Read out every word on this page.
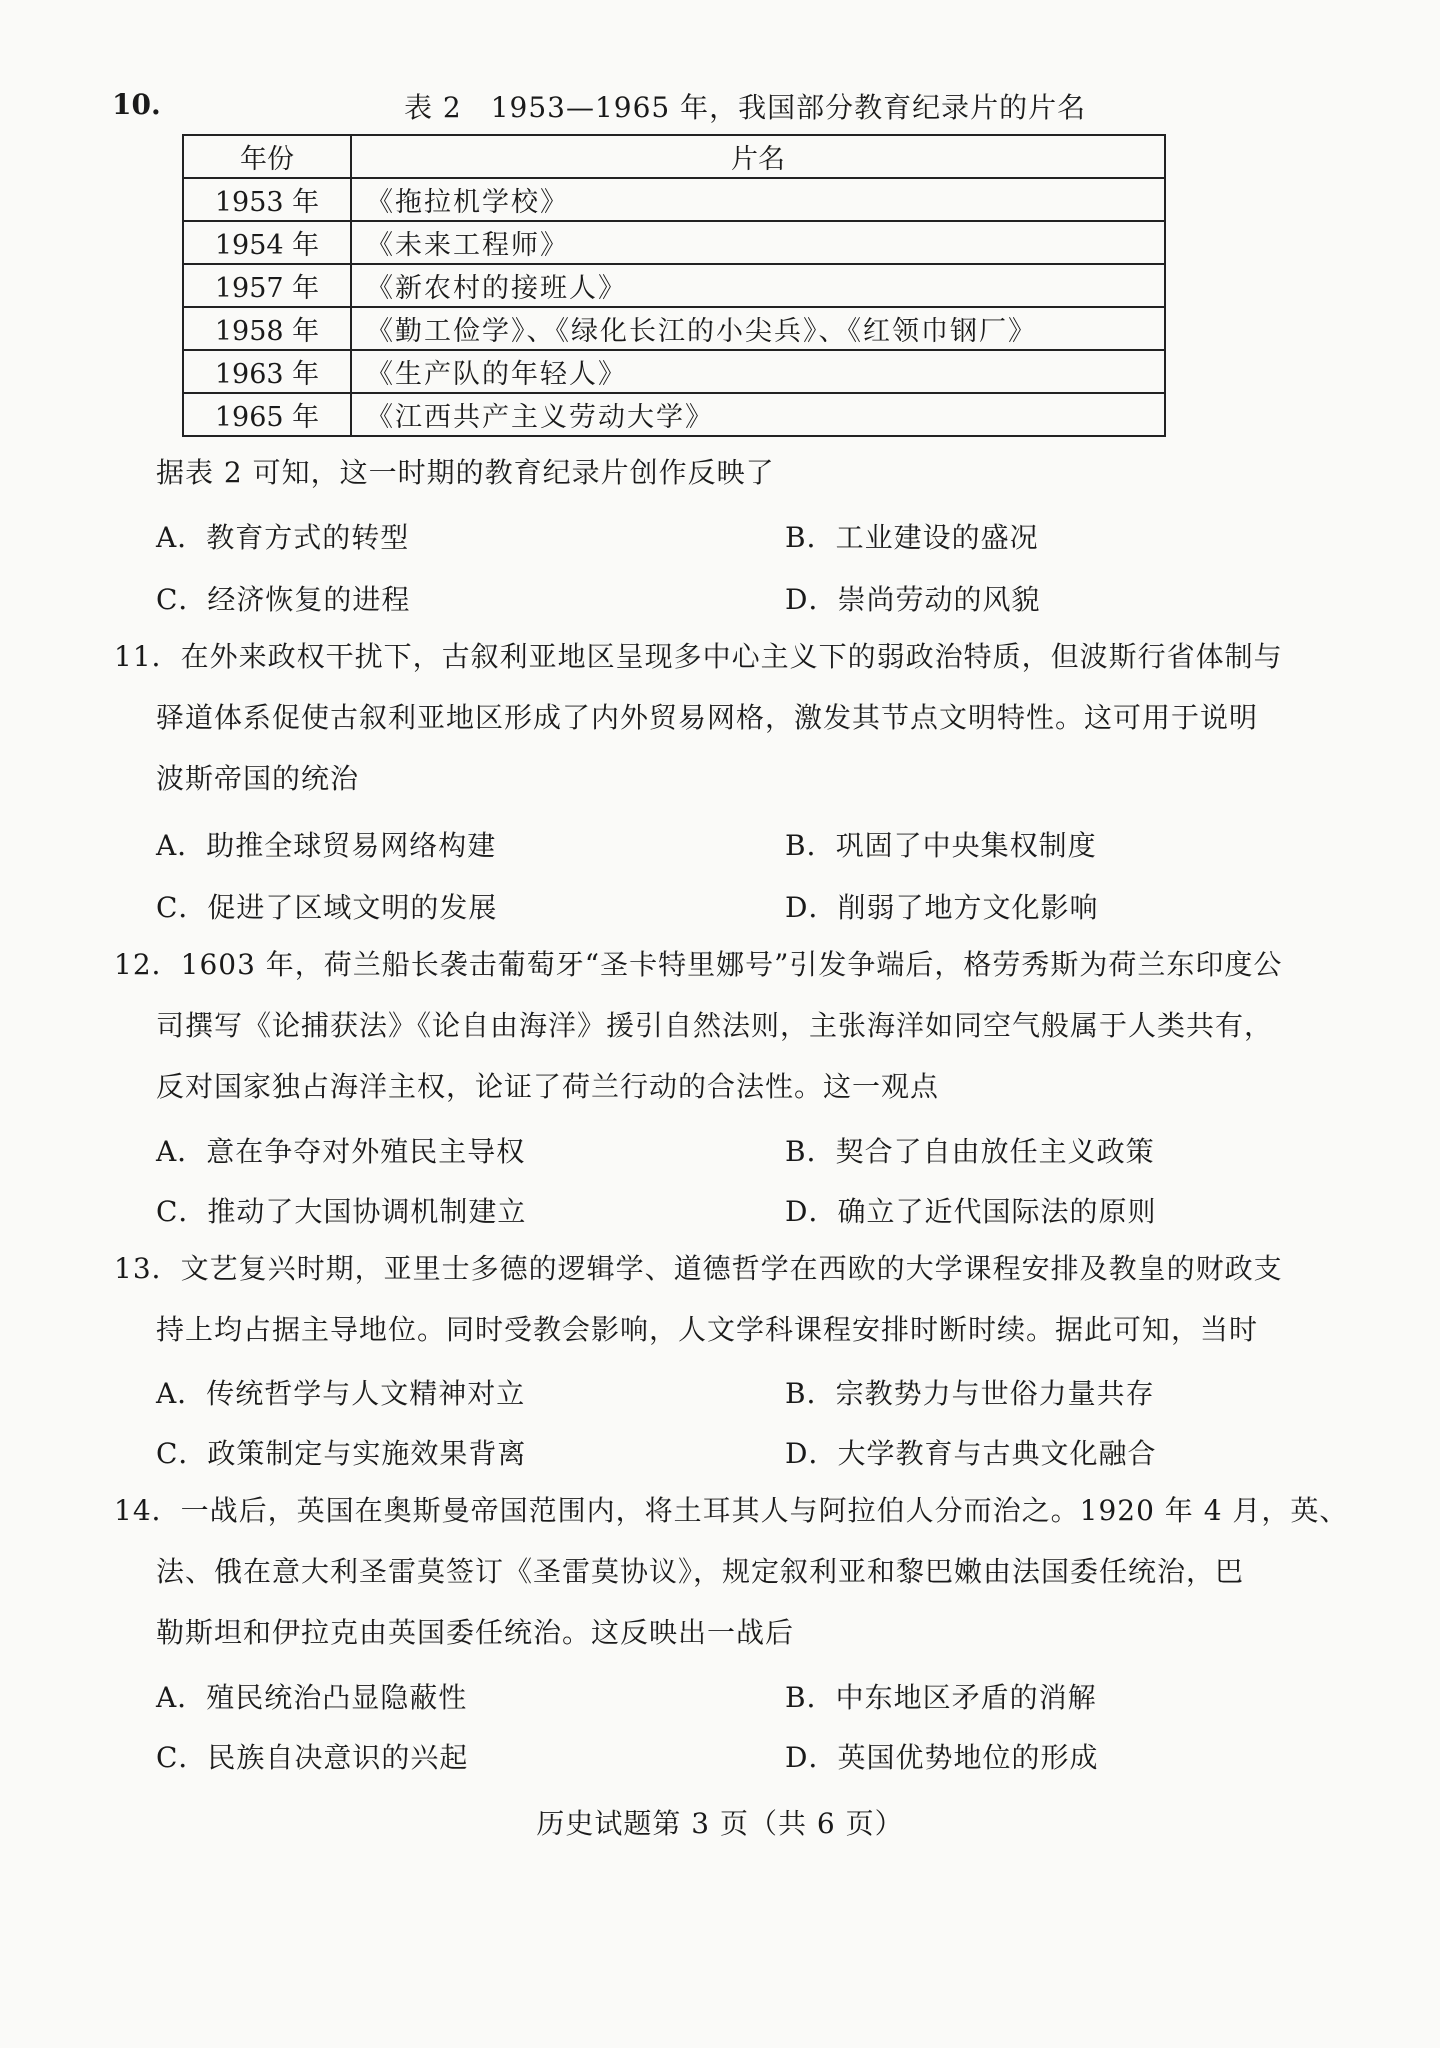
10.	表 2　1953—1965 年，我国部分教育纪录片的片名
年份	片名
1953 年	《拖拉机学校》
1954 年	《未来工程师》
1957 年	《新农村的接班人》
1958 年	《勤工俭学》、《绿化长江的小尖兵》、《红领巾钢厂》
1963 年	《生产队的年轻人》
1965 年	《江西共产主义劳动大学》
据表 2 可知，这一时期的教育纪录片创作反映了
A．教育方式的转型	B．工业建设的盛况
C．经济恢复的进程	D．崇尚劳动的风貌
11．在外来政权干扰下，古叙利亚地区呈现多中心主义下的弱政治特质，但波斯行省体制与
驿道体系促使古叙利亚地区形成了内外贸易网格，激发其节点文明特性。这可用于说明
波斯帝国的统治
A．助推全球贸易网络构建	B．巩固了中央集权制度
C．促进了区域文明的发展	D．削弱了地方文化影响
12．1603 年，荷兰船长袭击葡萄牙“圣卡特里娜号”引发争端后，格劳秀斯为荷兰东印度公
司撰写《论捕获法》《论自由海洋》援引自然法则，主张海洋如同空气般属于人类共有，
反对国家独占海洋主权，论证了荷兰行动的合法性。这一观点
A．意在争夺对外殖民主导权	B．契合了自由放任主义政策
C．推动了大国协调机制建立	D．确立了近代国际法的原则
13．文艺复兴时期，亚里士多德的逻辑学、道德哲学在西欧的大学课程安排及教皇的财政支
持上均占据主导地位。同时受教会影响，人文学科课程安排时断时续。据此可知，当时
A．传统哲学与人文精神对立	B．宗教势力与世俗力量共存
C．政策制定与实施效果背离	D．大学教育与古典文化融合
14．一战后，英国在奥斯曼帝国范围内，将土耳其人与阿拉伯人分而治之。1920 年 4 月，英、
法、俄在意大利圣雷莫签订《圣雷莫协议》，规定叙利亚和黎巴嫩由法国委任统治，巴
勒斯坦和伊拉克由英国委任统治。这反映出一战后
A．殖民统治凸显隐蔽性	B．中东地区矛盾的消解
C．民族自决意识的兴起	D．英国优势地位的形成
历史试题第 3 页（共 6 页）
